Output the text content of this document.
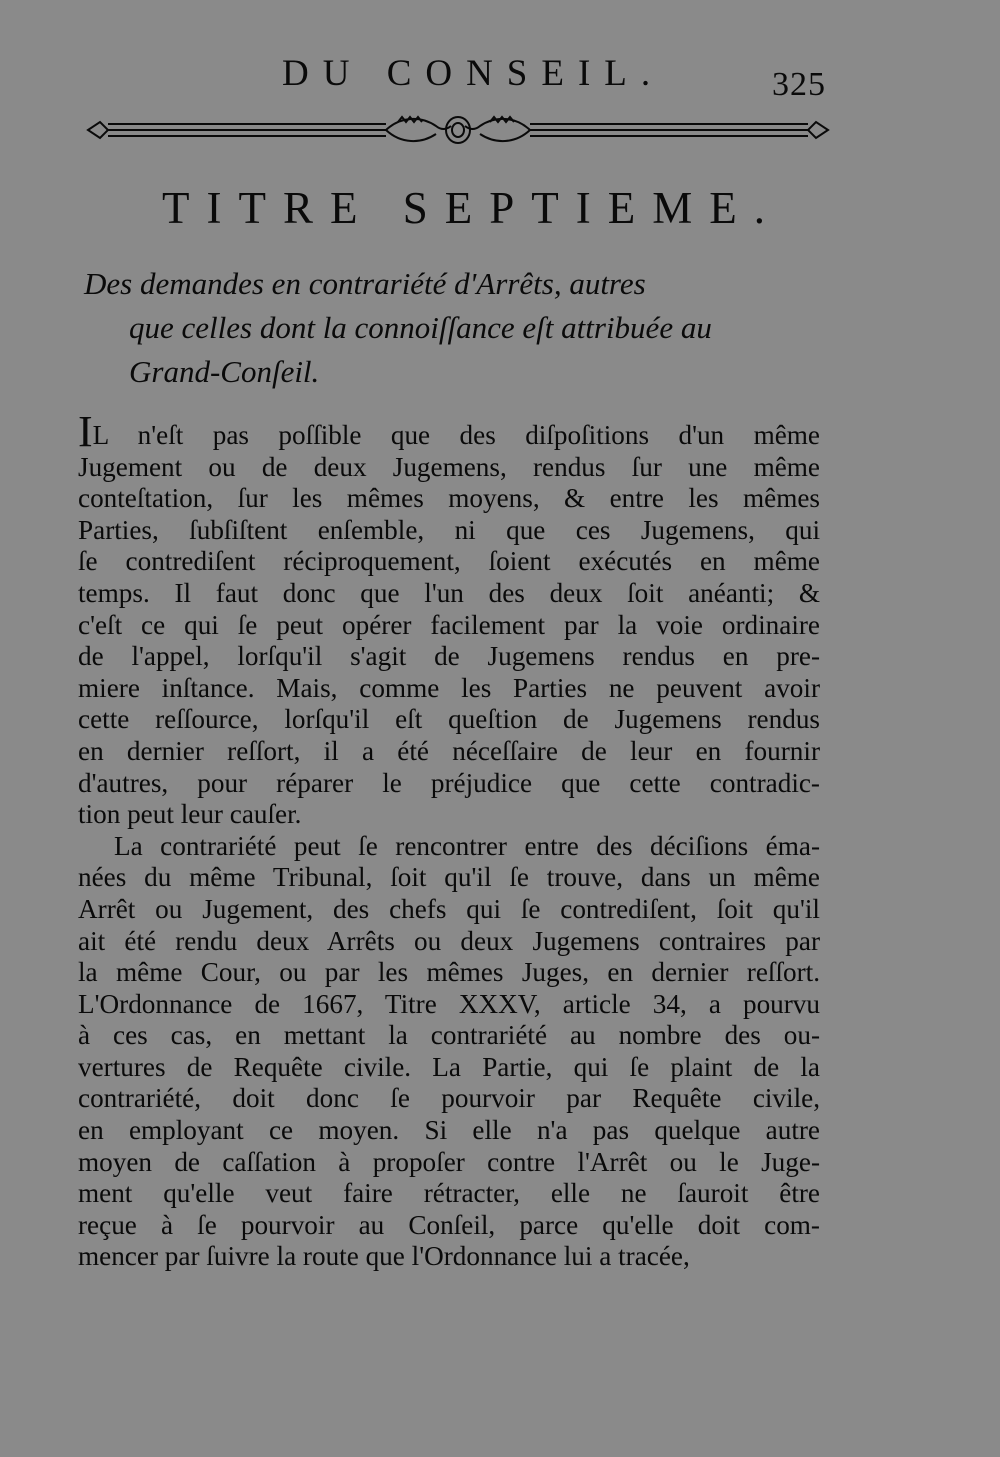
DU CONSEIL.	325
TITRE SEPTIEME.
Des demandes en contrariété d'Arrêts, autres
que celles dont la connoiſſance eſt attribuée au
Grand-Conſeil.
IL n'eſt pas poſſible que des diſpoſitions d'un même
Jugement ou de deux Jugemens, rendus ſur une même
conteſtation, ſur les mêmes moyens, & entre les mêmes
Parties, ſubſiſtent enſemble, ni que ces Jugemens, qui
ſe contrediſent réciproquement, ſoient exécutés en même
temps. Il faut donc que l'un des deux ſoit anéanti; &
c'eſt ce qui ſe peut opérer facilement par la voie ordinaire
de l'appel, lorſqu'il s'agit de Jugemens rendus en pre-
miere inſtance. Mais, comme les Parties ne peuvent avoir
cette reſſource, lorſqu'il eſt queſtion de Jugemens rendus
en dernier reſſort, il a été néceſſaire de leur en fournir
d'autres, pour réparer le préjudice que cette contradic-
tion peut leur cauſer.
La contrariété peut ſe rencontrer entre des déciſions éma-
nées du même Tribunal, ſoit qu'il ſe trouve, dans un même
Arrêt ou Jugement, des chefs qui ſe contrediſent, ſoit qu'il
ait été rendu deux Arrêts ou deux Jugemens contraires par
la même Cour, ou par les mêmes Juges, en dernier reſſort.
L'Ordonnance de 1667, Titre XXXV, article 34, a pourvu
à ces cas, en mettant la contrariété au nombre des ou-
vertures de Requête civile. La Partie, qui ſe plaint de la
contrariété, doit donc ſe pourvoir par Requête civile,
en employant ce moyen. Si elle n'a pas quelque autre
moyen de caſſation à propoſer contre l'Arrêt ou le Juge-
ment qu'elle veut faire rétracter, elle ne ſauroit être
reçue à ſe pourvoir au Conſeil, parce qu'elle doit com-
mencer par ſuivre la route que l'Ordonnance lui a tracée,
